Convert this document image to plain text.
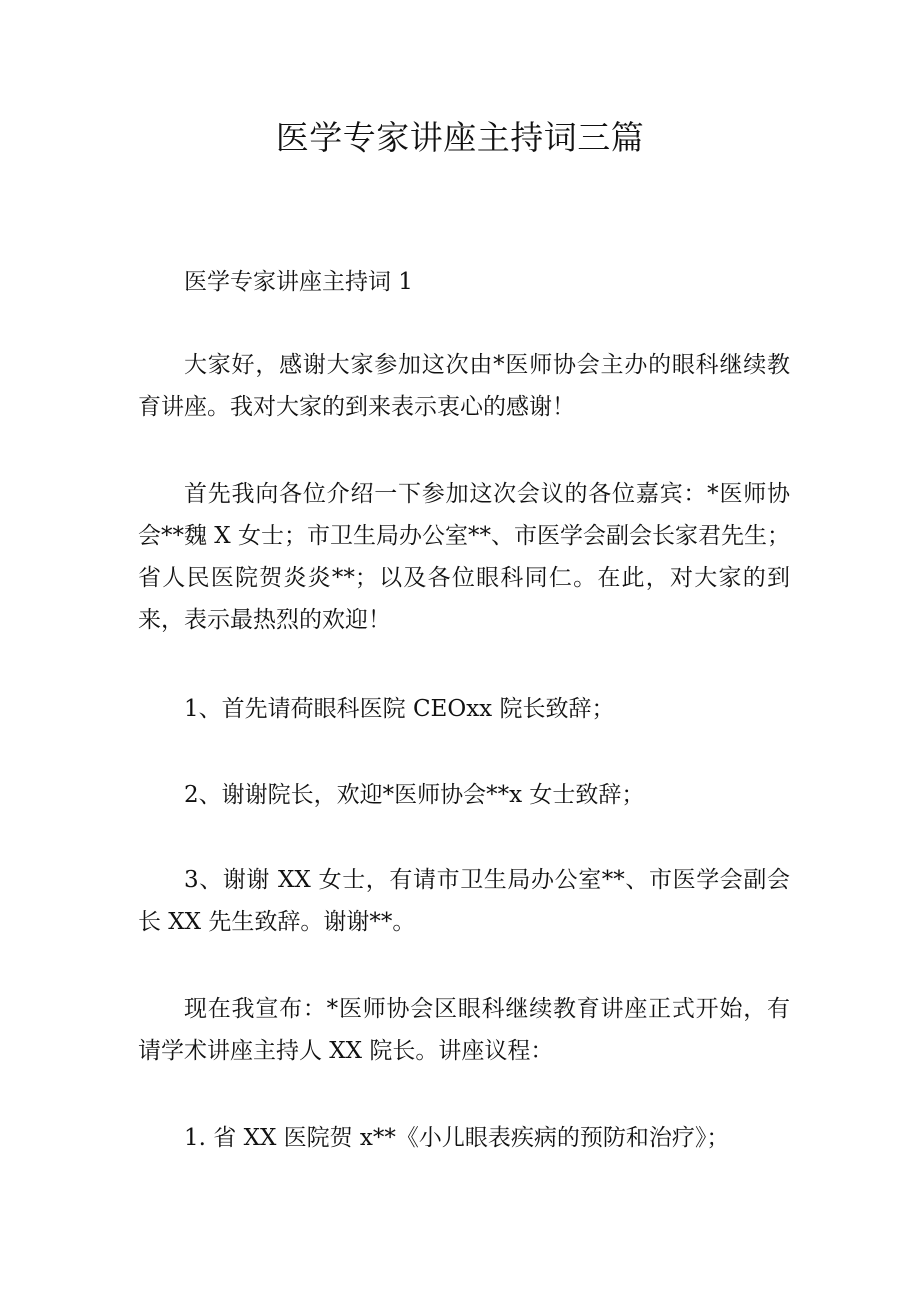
医学专家讲座主持词三篇

医学专家讲座主持词 1

大家好，感谢大家参加这次由*医师协会主办的眼科继续教育讲座。我对大家的到来表示衷心的感谢！

首先我向各位介绍一下参加这次会议的各位嘉宾：*医师协会**魏 X 女士；市卫生局办公室**、市医学会副会长家君先生；省人民医院贺炎炎**；以及各位眼科同仁。在此，对大家的到来，表示最热烈的欢迎！

1、首先请荷眼科医院 CEOxx 院长致辞；

2、谢谢院长，欢迎*医师协会**x 女士致辞；

3、谢谢 XX 女士，有请市卫生局办公室**、市医学会副会长 XX 先生致辞。谢谢**。

现在我宣布：*医师协会区眼科继续教育讲座正式开始，有请学术讲座主持人 XX 院长。讲座议程：

1. 省 XX 医院贺 x**《小儿眼表疾病的预防和治疗》；
